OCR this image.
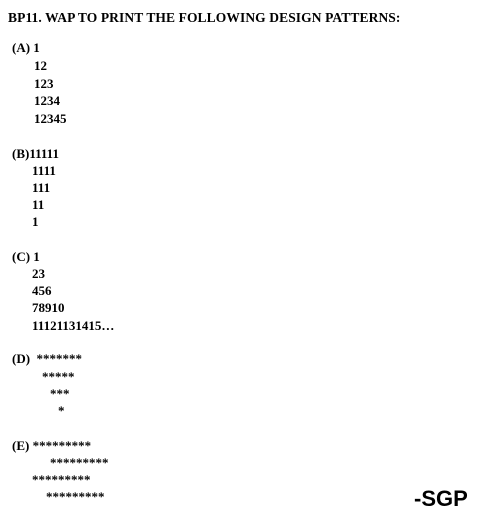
BP11. WAP TO PRINT THE FOLLOWING DESIGN PATTERNS:
(A) 1
12
123
1234
12345
(B)11111
1111
111
11
1
(C) 1
23
456
78910
11121131415…
(D)  *******
*****
***
*
(E) *********
*********
*********
*********	-SGP
